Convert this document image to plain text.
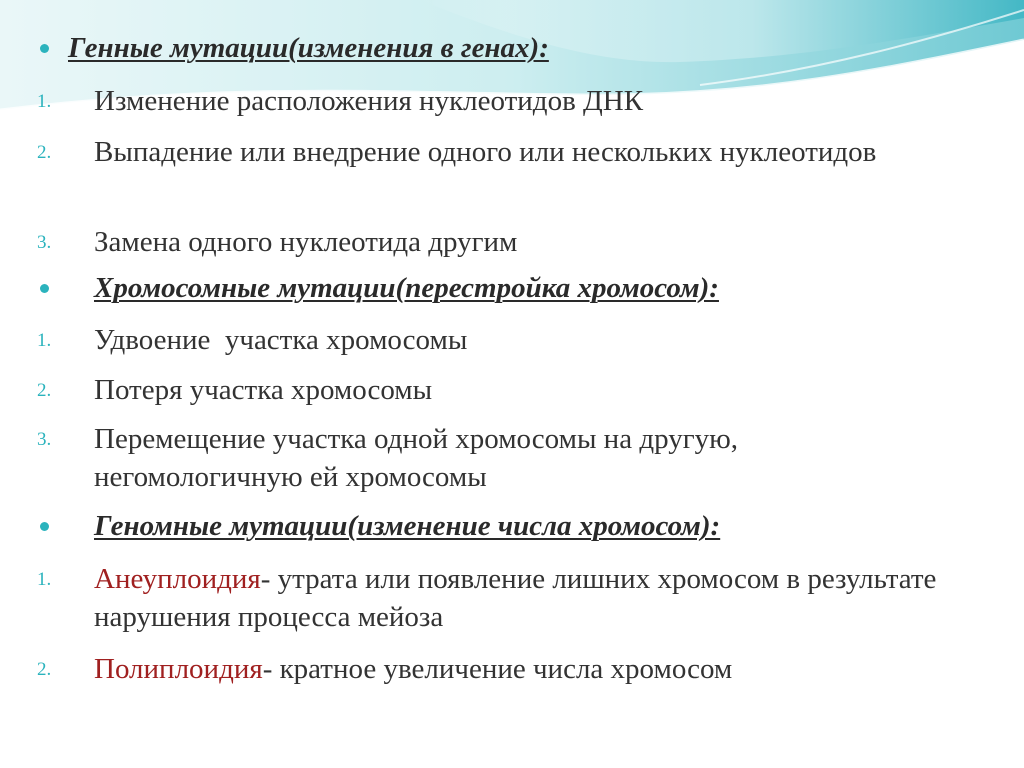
Генные мутации(изменения в генах):
1. Изменение расположения нуклеотидов ДНК
2. Выпадение или внедрение одного или нескольких нуклеотидов
3. Замена одного нуклеотида другим
Хромосомные мутации(перестройка хромосом):
1. Удвоение  участка хромосомы
2. Потеря участка хромосомы
3. Перемещение участка одной хромосомы на другую, негомологичную ей хромосомы
Геномные мутации(изменение числа хромосом):
1. Анеуплоидия- утрата или появление лишних хромосом в результате нарушения процесса мейоза
2. Полиплоидия- кратное увеличение числа хромосом
